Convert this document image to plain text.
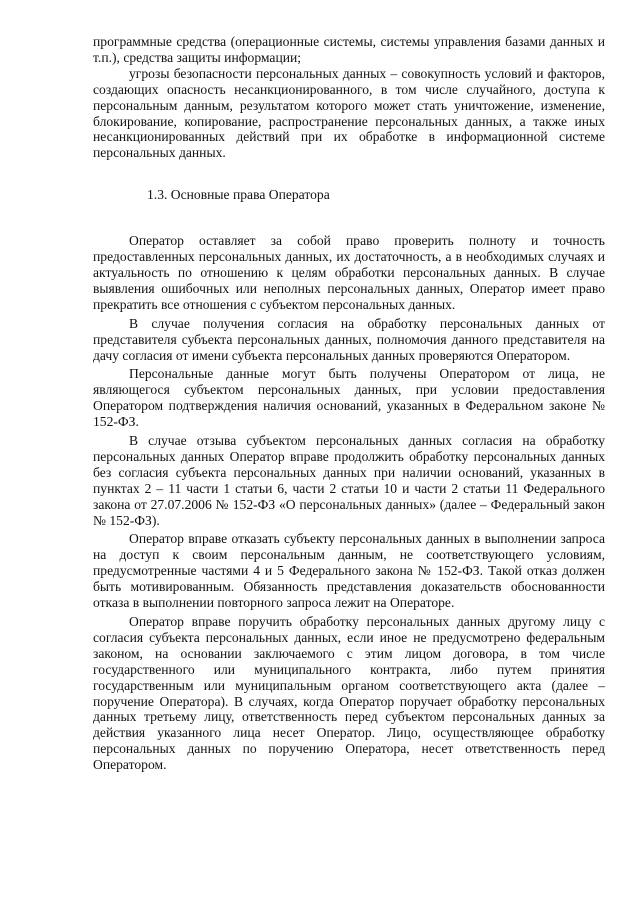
программные средства (операционные системы, системы управления базами данных и т.п.), средства защиты информации;

угрозы безопасности персональных данных – совокупность условий и факторов, создающих опасность несанкционированного, в том числе случайного, доступа к персональным данным, результатом которого может стать уничтожение, изменение, блокирование, копирование, распространение персональных данных, а также иных несанкционированных действий при их обработке в информационной системе персональных данных.

1.3. Основные права Оператора

Оператор оставляет за собой право проверить полноту и точность предоставленных персональных данных, их достаточность, а в необходимых случаях и актуальность по отношению к целям обработки персональных данных. В случае выявления ошибочных или неполных персональных данных, Оператор имеет право прекратить все отношения с субъектом персональных данных.

В случае получения согласия на обработку персональных данных от представителя субъекта персональных данных, полномочия данного представителя на дачу согласия от имени субъекта персональных данных проверяются Оператором.

Персональные данные могут быть получены Оператором от лица, не являющегося субъектом персональных данных, при условии предоставления Оператором подтверждения наличия оснований, указанных в Федеральном законе № 152-ФЗ.

В случае отзыва субъектом персональных данных согласия на обработку персональных данных Оператор вправе продолжить обработку персональных данных без согласия субъекта персональных данных при наличии оснований, указанных в пунктах 2 – 11 части 1 статьи 6, части 2 статьи 10 и части 2 статьи 11 Федерального закона от 27.07.2006 № 152-ФЗ «О персональных данных» (далее – Федеральный закон № 152-ФЗ).

Оператор вправе отказать субъекту персональных данных в выполнении запроса на доступ к своим персональным данным, не соответствующего условиям, предусмотренные частями 4 и 5 Федерального закона № 152-ФЗ. Такой отказ должен быть мотивированным. Обязанность представления доказательств обоснованности отказа в выполнении повторного запроса лежит на Операторе.

Оператор вправе поручить обработку персональных данных другому лицу с согласия субъекта персональных данных, если иное не предусмотрено федеральным законом, на основании заключаемого с этим лицом договора, в том числе государственного или муниципального контракта, либо путем принятия государственным или муниципальным органом соответствующего акта (далее – поручение Оператора). В случаях, когда Оператор поручает обработку персональных данных третьему лицу, ответственность перед субъектом персональных данных за действия указанного лица несет Оператор. Лицо, осуществляющее обработку персональных данных по поручению Оператора, несет ответственность перед Оператором.
